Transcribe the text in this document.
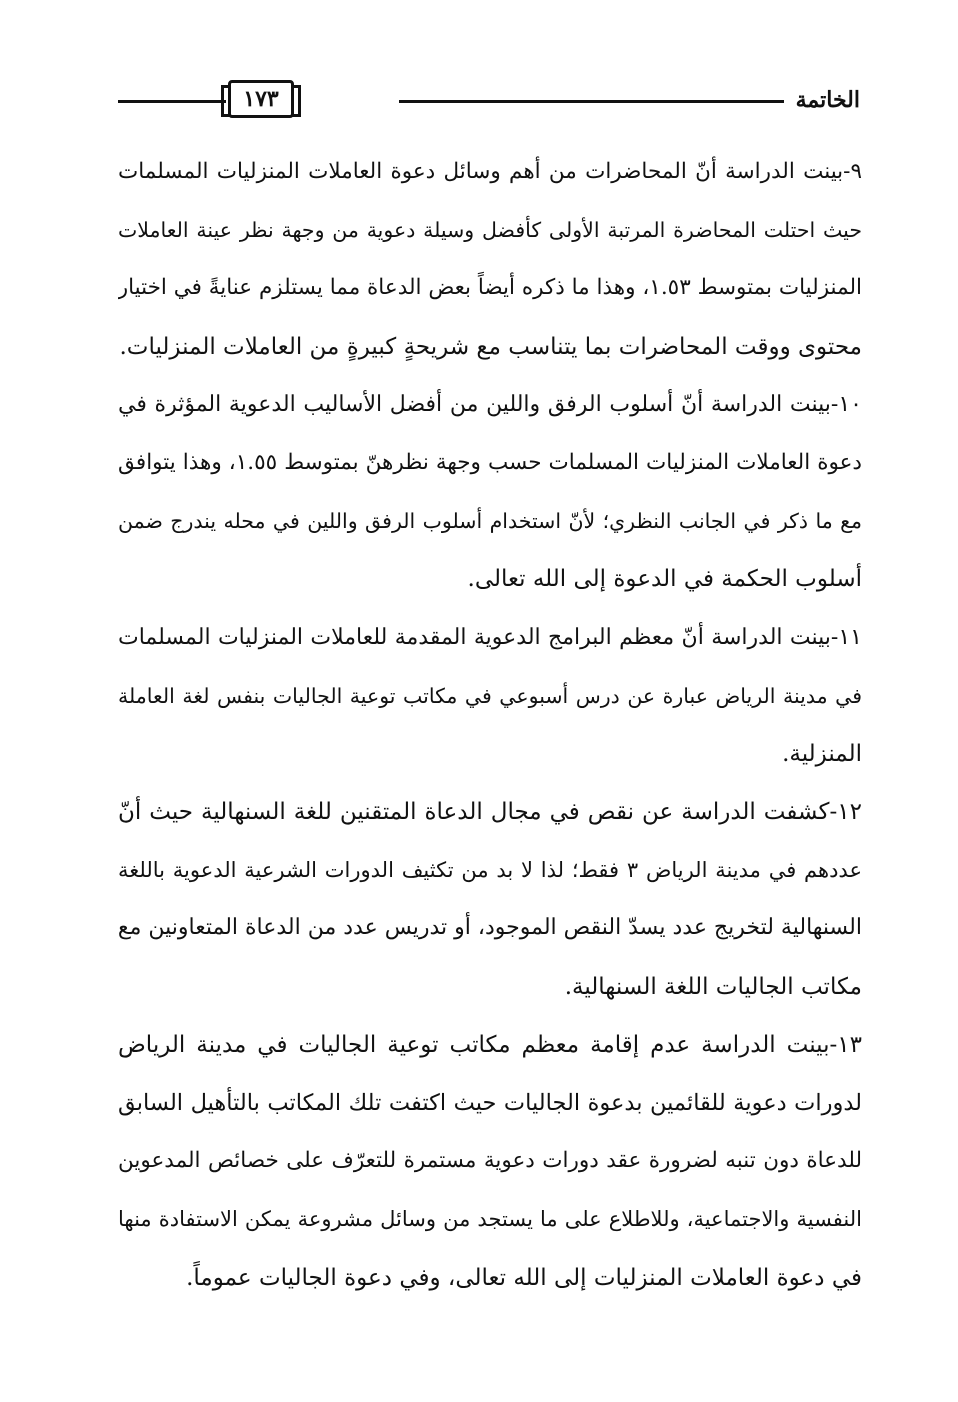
الخاتمة
١٧٣
٩-بينت الدراسة أنّ المحاضرات من أهم وسائل دعوة العاملات المنزليات المسلمات
حيث احتلت المحاضرة المرتبة الأولى كأفضل وسيلة دعوية من وجهة نظر عينة العاملات
المنزليات بمتوسط ١.٥٣، وهذا ما ذكره أيضاً بعض الدعاة مما يستلزم عنايةً في اختيار
محتوى ووقت المحاضرات بما يتناسب مع شريحةٍ كبيرةٍ من العاملات المنزليات.
١٠-بينت الدراسة أنّ أسلوب الرفق واللين من أفضل الأساليب الدعوية المؤثرة في
دعوة العاملات المنزليات المسلمات حسب وجهة نظرهنّ بمتوسط ١.٥٥، وهذا يتوافق
مع ما ذكر في الجانب النظري؛ لأنّ استخدام أسلوب الرفق واللين في محله يندرج ضمن
أسلوب الحكمة في الدعوة إلى الله تعالى.
١١-بينت الدراسة أنّ معظم البرامج الدعوية المقدمة للعاملات المنزليات المسلمات
في مدينة الرياض عبارة عن درس أسبوعي في مكاتب توعية الجاليات بنفس لغة العاملة
المنزلية.
١٢-كشفت الدراسة عن نقص في مجال الدعاة المتقنين للغة السنهالية حيث أنّ
عددهم في مدينة الرياض ٣ فقط؛ لذا لا بد من تكثيف الدورات الشرعية الدعوية باللغة
السنهالية لتخريج عدد يسدّ النقص الموجود، أو تدريس عدد من الدعاة المتعاونين مع
مكاتب الجاليات اللغة السنهالية.
١٣-بينت الدراسة عدم إقامة معظم مكاتب توعية الجاليات في مدينة الرياض
لدورات دعوية للقائمين بدعوة الجاليات حيث اكتفت تلك المكاتب بالتأهيل السابق
للدعاة دون تنبه لضرورة عقد دورات دعوية مستمرة للتعرّف على خصائص المدعوين
النفسية والاجتماعية، وللاطلاع على ما يستجد من وسائل مشروعة يمكن الاستفادة منها
في دعوة العاملات المنزليات إلى الله تعالى، وفي دعوة الجاليات عموماً.
